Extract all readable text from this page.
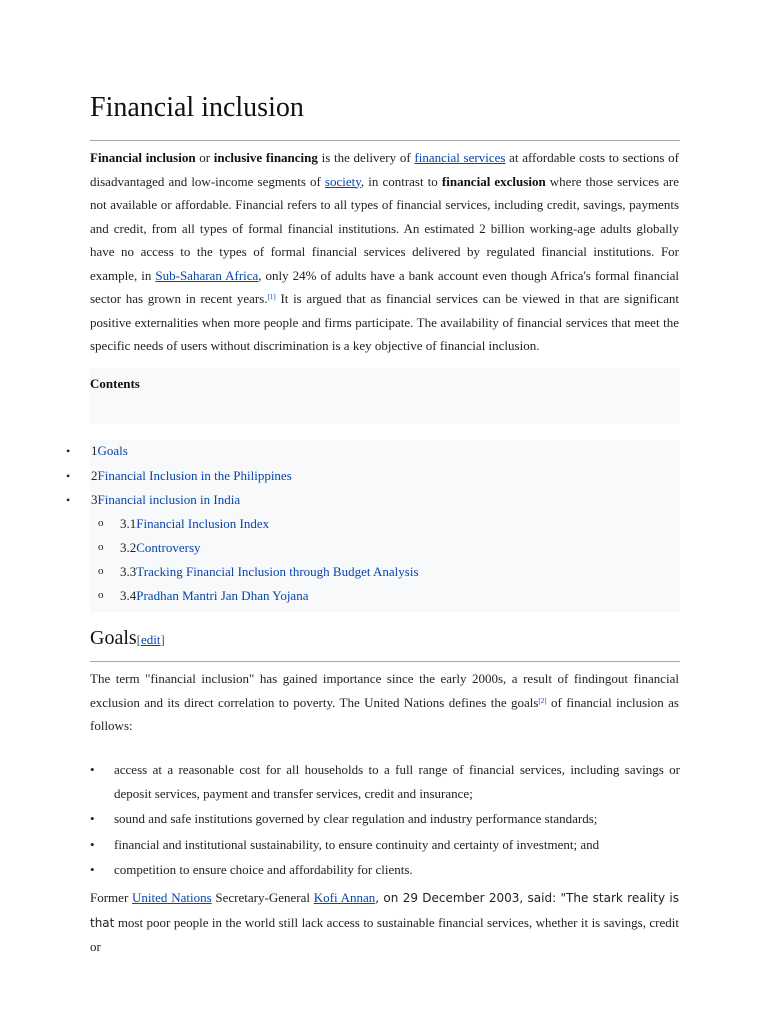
Financial inclusion

Financial inclusion or inclusive financing is the delivery of financial services at affordable costs to sections of disadvantaged and low-income segments of society, in contrast to financial exclusion where those services are not available or affordable. Financial refers to all types of financial services, including credit, savings, payments and credit, from all types of formal financial institutions. An estimated 2 billion working-age adults globally have no access to the types of formal financial services delivered by regulated financial institutions. For example, in Sub-Saharan Africa, only 24% of adults have a bank account even though Africa's formal financial sector has grown in recent years.[1] It is argued that as financial services can be viewed in that are significant positive externalities when more people and firms participate. The availability of financial services that meet the specific needs of users without discrimination is a key objective of financial inclusion.

Contents
• 1Goals
• 2Financial Inclusion in the Philippines
• 3Financial inclusion in India
o 3.1Financial Inclusion Index
o 3.2Controversy
o 3.3Tracking Financial Inclusion through Budget Analysis
o 3.4Pradhan Mantri Jan Dhan Yojana
Goals[edit]

The term "financial inclusion" has gained importance since the early 2000s, a result of findingout financial exclusion and its direct correlation to poverty. The United Nations defines the goals[2] of financial inclusion as follows:

• access at a reasonable cost for all households to a full range of financial services, including savings or deposit services, payment and transfer services, credit and insurance;
• sound and safe institutions governed by clear regulation and industry performance standards;
• financial and institutional sustainability, to ensure continuity and certainty of investment; and
• competition to ensure choice and affordability for clients.

Former United Nations Secretary-General Kofi Annan, on 29 December 2003, said: "The stark reality is that most poor people in the world still lack access to sustainable financial services, whether it is savings, credit or
